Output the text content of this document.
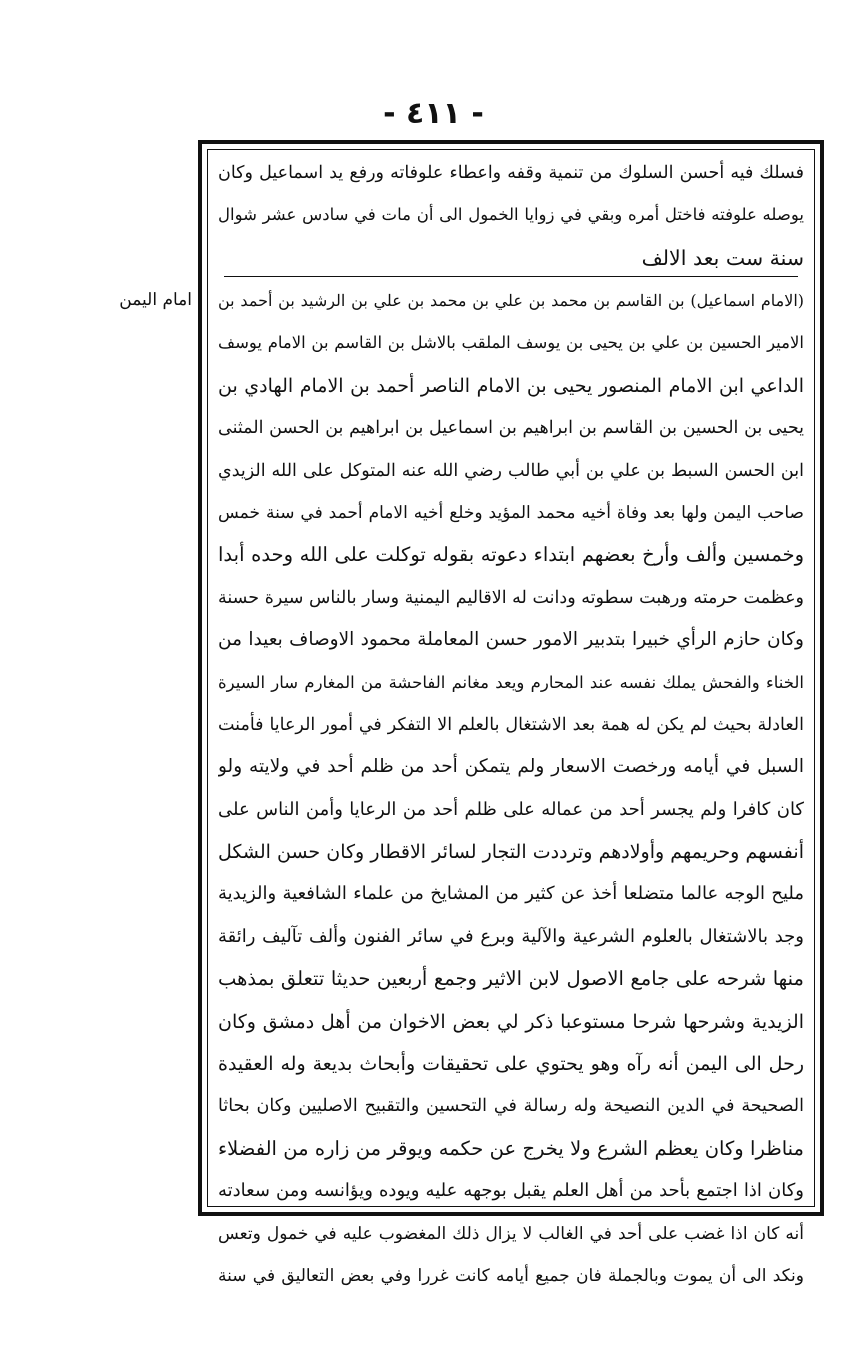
- ٤١١ -
امام اليمن
فسلك فيه أحسن السلوك من تنمية وقفه واعطاء علوفاته ورفع يد اسماعيل وكان
يوصله علوفته فاختل أمره وبقي في زوايا الخمول الى أن مات في سادس عشر شوال
سنة ست بعد الالف
(الامام اسماعيل) بن القاسم بن محمد بن علي بن محمد بن علي بن الرشيد بن أحمد بن
الامير الحسين بن علي بن يحيى بن يوسف الملقب بالاشل بن القاسم بن الامام يوسف
الداعي ابن الامام المنصور يحيى بن الامام الناصر أحمد بن الامام الهادي بن
يحيى بن الحسين بن القاسم بن ابراهيم بن اسماعيل بن ابراهيم بن الحسن المثنى
ابن الحسن السبط بن علي بن أبي طالب رضي الله عنه المتوكل على الله الزيدي
صاحب اليمن ولها بعد وفاة أخيه محمد المؤيد وخلع أخيه الامام أحمد في سنة خمس
وخمسين وألف وأرخ بعضهم ابتداء دعوته بقوله توكلت على الله وحده أبدا
وعظمت حرمته ورهبت سطوته ودانت له الاقاليم اليمنية وسار بالناس سيرة حسنة
وكان حازم الرأي خبيرا بتدبير الامور حسن المعاملة محمود الاوصاف بعيدا من
الخناء والفحش يملك نفسه عند المحارم ويعد مغانم الفاحشة من المغارم سار السيرة
العادلة بحيث لم يكن له همة بعد الاشتغال بالعلم الا التفكر في أمور الرعايا فأمنت
السبل في أيامه ورخصت الاسعار ولم يتمكن أحد من ظلم أحد في ولايته ولو
كان كافرا ولم يجسر أحد من عماله على ظلم أحد من الرعايا وأمن الناس على
أنفسهم وحريمهم وأولادهم وترددت التجار لسائر الاقطار وكان حسن الشكل
مليح الوجه عالما متضلعا أخذ عن كثير من المشايخ من علماء الشافعية والزيدية
وجد بالاشتغال بالعلوم الشرعية والآلية وبرع في سائر الفنون وألف تآليف رائقة
منها شرحه على جامع الاصول لابن الاثير وجمع أربعين حديثا تتعلق بمذهب
الزيدية وشرحها شرحا مستوعبا ذكر لي بعض الاخوان من أهل دمشق وكان
رحل الى اليمن أنه رآه وهو يحتوي على تحقيقات وأبحاث بديعة وله العقيدة
الصحيحة في الدين النصيحة وله رسالة في التحسين والتقبيح الاصليين وكان بحاثا
مناظرا وكان يعظم الشرع ولا يخرج عن حكمه ويوقر من زاره من الفضلاء
وكان اذا اجتمع بأحد من أهل العلم يقبل بوجهه عليه ويوده ويؤانسه ومن سعادته
أنه كان اذا غضب على أحد في الغالب لا يزال ذلك المغضوب عليه في خمول وتعس
ونكد الى أن يموت وبالجملة فان جميع أيامه كانت غررا وفي بعض التعاليق في سنة
